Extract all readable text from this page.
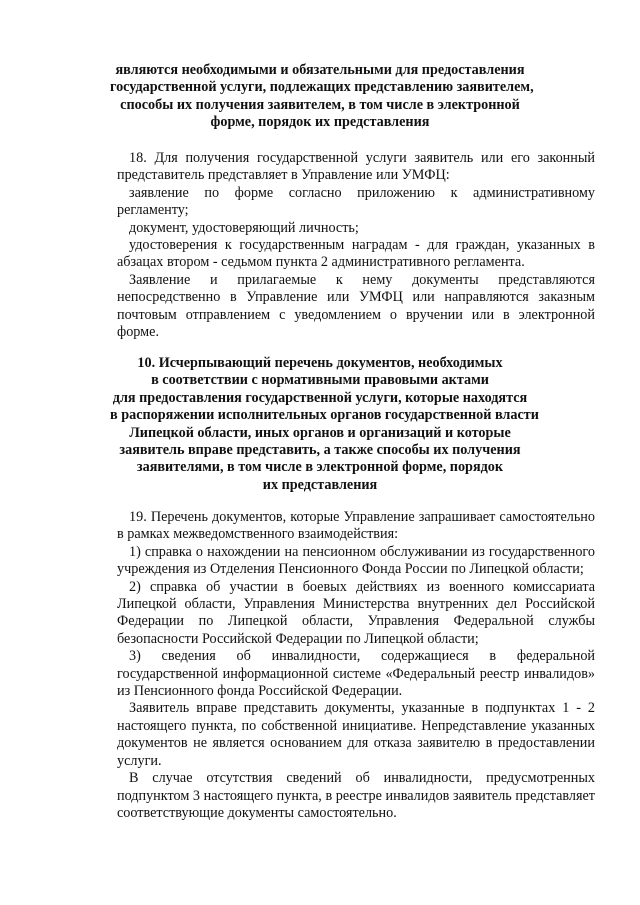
являются необходимыми и обязательными для предоставления
государственной услуги, подлежащих представлению заявителем,
способы их получения заявителем, в том числе в электронной
форме, порядок их представления

18. Для получения государственной услуги заявитель или его законный представитель представляет в Управление или УМФЦ:

заявление по форме согласно приложению к административному регламенту;

документ, удостоверяющий личность;

удостоверения к государственным наградам - для граждан, указанных в абзацах втором - седьмом пункта 2 административного регламента.

Заявление и прилагаемые к нему документы представляются непосредственно в Управление или УМФЦ или направляются заказным почтовым отправлением с уведомлением о вручении или в электронной форме.

10. Исчерпывающий перечень документов, необходимых
в соответствии с нормативными правовыми актами
для предоставления государственной услуги, которые находятся
в распоряжении исполнительных органов государственной власти
Липецкой области, иных органов и организаций и которые
заявитель вправе представить, а также способы их получения
заявителями, в том числе в электронной форме, порядок
их представления

19. Перечень документов, которые Управление запрашивает самостоятельно в рамках межведомственного взаимодействия:

1) справка о нахождении на пенсионном обслуживании из государственного учреждения из Отделения Пенсионного Фонда России по Липецкой области;

2) справка об участии в боевых действиях из военного комиссариата Липецкой области, Управления Министерства внутренних дел Российской Федерации по Липецкой области, Управления Федеральной службы безопасности Российской Федерации по Липецкой области;

3) сведения об инвалидности, содержащиеся в федеральной государственной информационной системе «Федеральный реестр инвалидов» из Пенсионного фонда Российской Федерации.

Заявитель вправе представить документы, указанные в подпунктах 1 - 2 настоящего пункта, по собственной инициативе. Непредставление указанных документов не является основанием для отказа заявителю в предоставлении услуги.

В случае отсутствия сведений об инвалидности, предусмотренных подпунктом 3 настоящего пункта, в реестре инвалидов заявитель представляет соответствующие документы самостоятельно.
